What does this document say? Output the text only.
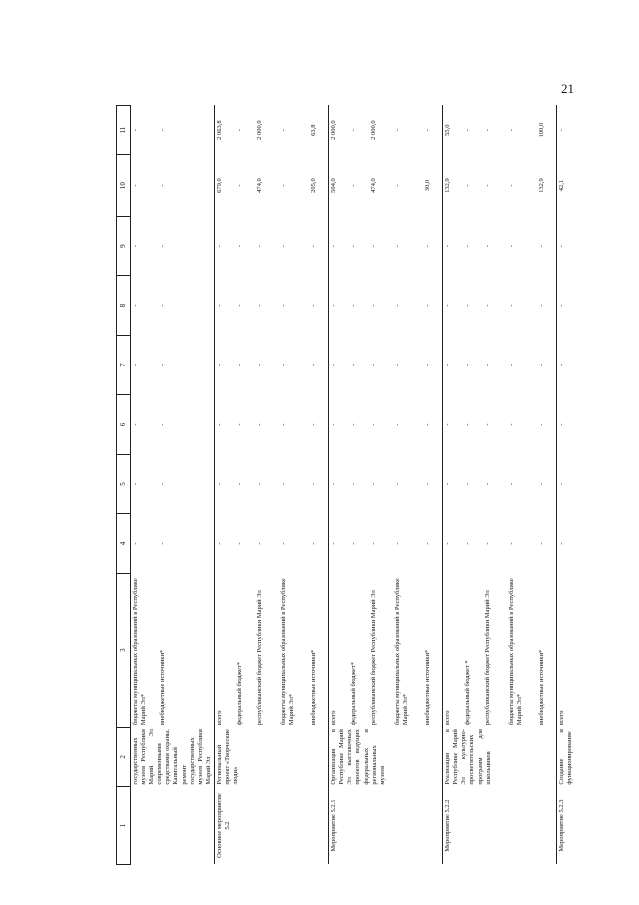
21
1	2	3	4	5	6	7	8	9	10	11
	государственных музеев Республики Марий Эл современными средствами охраны. Капитальный ремонт государственных музеев Республики Марий Эл	бюджеты муниципальных образований в Республике Марий Эл*	-	-	-	-	-	-	-	-
		внебюджетные источники*	-	-	-	-	-	-	-	-
Основное мероприятие 5.2	Региональный проект «Творческие люди»	всего	-	-	-	-	-	-	679,0	2 063,8
		федеральный бюджет*	-	-	-	-	-	-	-	-
		республиканский бюджет Республики Марий Эл	-	-	-	-	-	-	474,0	2 000,0
		бюджеты муниципальных образований в Республике Марий Эл*	-	-	-	-	-	-	-	-
		внебюджетные источники*	-	-	-	-	-	-	205,0	63,8
Мероприятие 5.2.1	Организация в Республике Марий Эл выставочных проектов ведущих федеральных и региональных музеев	всего	-	-	-	-	-	-	504,0	2 000,0
		федеральный бюджет*	-	-	-	-	-	-	-	-
		республиканский бюджет Республики Марий Эл	-	-	-	-	-	-	474,0	2 000,0
		бюджеты муниципальных образований в Республике Марий Эл*	-	-	-	-	-	-	-	-
		внебюджетные источники*	-	-	-	-	-	-	30,0	-
Мероприятие 5.2.2	Реализация в Республике Марий Эл культурно-просветительских программ для школьников	всего	-	-	-	-	-	-	132,9	55,0
		федеральный бюджет *	-	-	-	-	-	-	-	-
		республиканский бюджет Республики Марий Эл	-	-	-	-	-	-	-	-
		бюджеты муниципальных образований в Республике Марий Эл*	-	-	-	-	-	-	-	-
		внебюджетные источники*	-	-	-	-	-	-	132,9	100,0
Мероприятие 5.2.3	Создание и функционирование	всего	-	-	-	-	-	-	42,1	-
